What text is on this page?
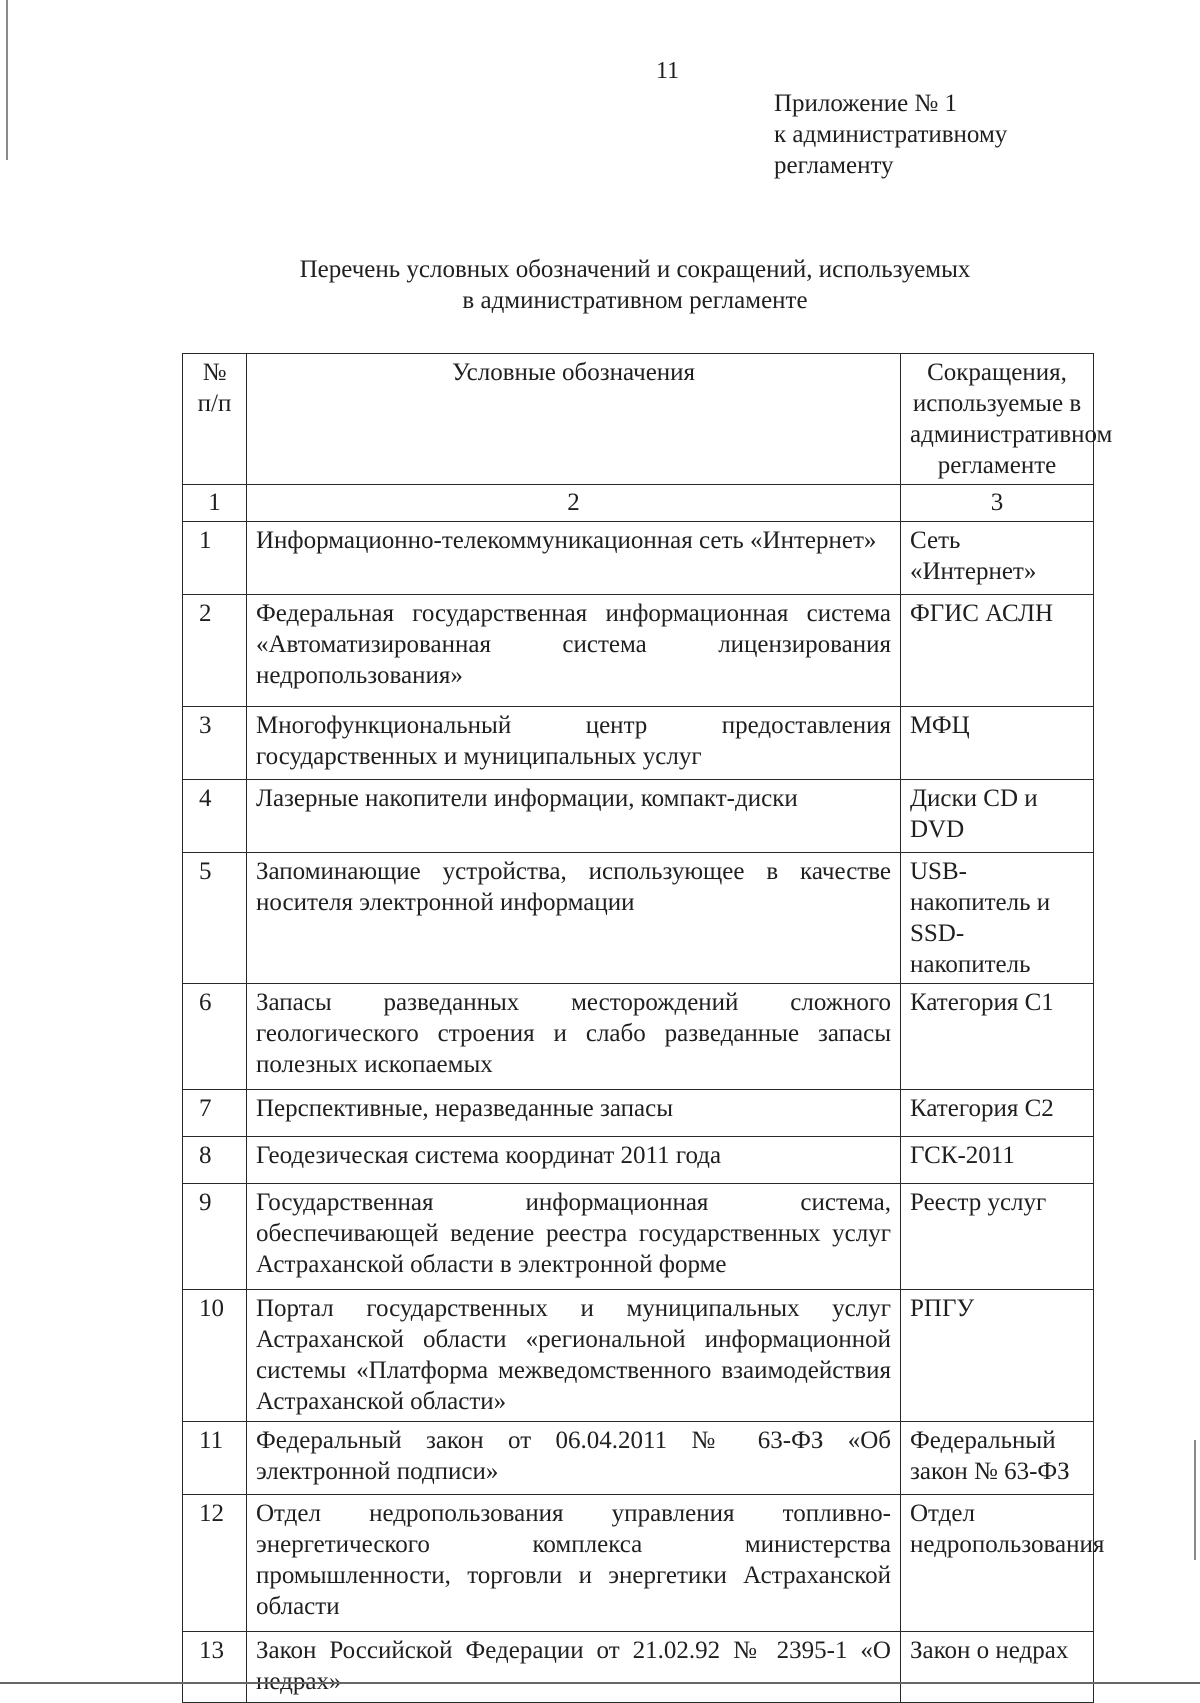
11
Приложение № 1
к административному
регламенту
Перечень условных обозначений и сокращений, используемых
в административном регламенте
№ п/п	Условные обозначения	Сокращения, используемые в административном регламенте
1	2	3
1	Информационно-телекоммуникационная сеть «Интернет»	Сеть «Интернет»
2	Федеральная государственная информационная система «Автоматизированная система лицензирования недропользования»	ФГИС АСЛН
3	Многофункциональный центр предоставления государственных и муниципальных услуг	МФЦ
4	Лазерные накопители информации, компакт-диски	Диски CD и DVD
5	Запоминающие устройства, использующее в качестве носителя электронной информации	USB-накопитель и SSD-накопитель
6	Запасы разведанных месторождений сложного геологического строения и слабо разведанные запасы полезных ископаемых	Категория С1
7	Перспективные, неразведанные запасы	Категория С2
8	Геодезическая система координат 2011 года	ГСК-2011
9	Государственная информационная система, обеспечивающей ведение реестра государственных услуг Астраханской области в электронной форме	Реестр услуг
10	Портал государственных и муниципальных услуг Астраханской области «региональной информационной системы «Платформа межведомственного взаимодействия Астраханской области»	РПГУ
11	Федеральный закон от 06.04.2011 № 63-ФЗ «Об электронной подписи»	Федеральный закон № 63-ФЗ
12	Отдел недропользования управления топливно-энергетического комплекса министерства промышленности, торговли и энергетики Астраханской области	Отдел недропользования
13	Закон Российской Федерации от 21.02.92 № 2395-1 «О недрах»	Закон о недрах
